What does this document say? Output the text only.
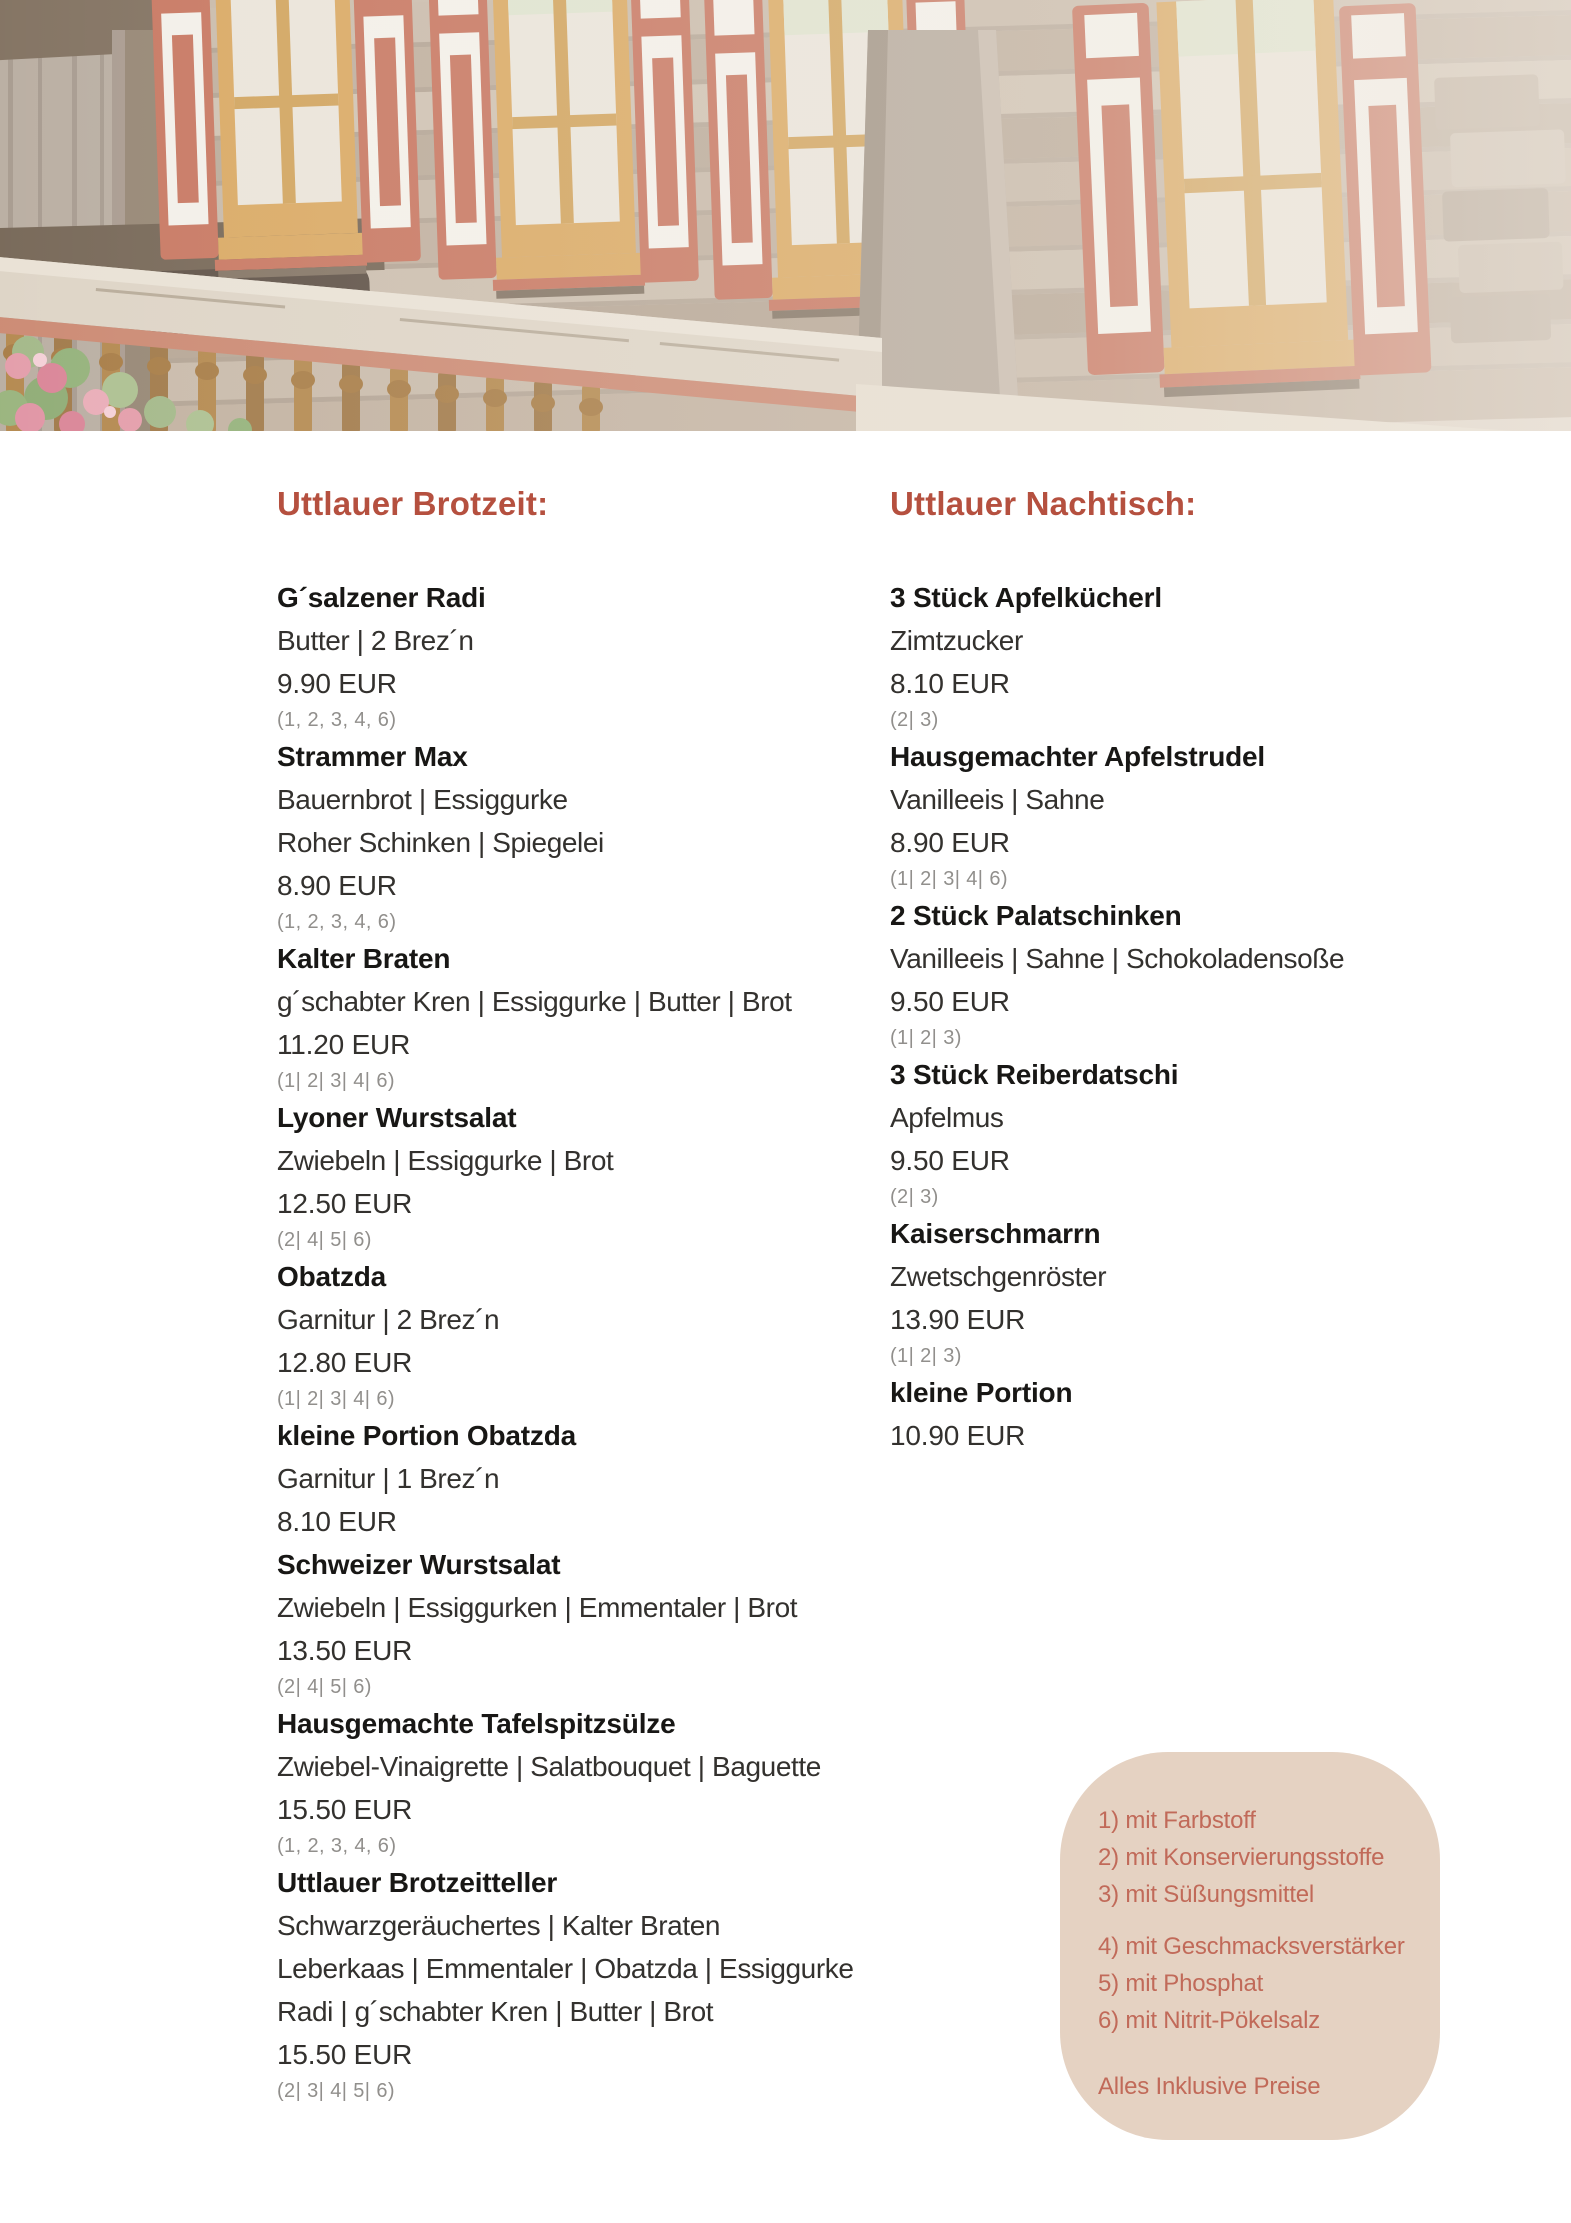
Uttlauer Brotzeit:
G´salzener Radi
Butter | 2 Brez´n
9.90 EUR
(1, 2, 3, 4, 6)
Strammer Max
Bauernbrot | Essiggurke
Roher Schinken | Spiegelei
8.90 EUR
(1, 2, 3, 4, 6)
Kalter Braten
g´schabter Kren | Essiggurke | Butter | Brot
11.20 EUR
(1| 2| 3| 4| 6)
Lyoner Wurstsalat
Zwiebeln | Essiggurke | Brot
12.50 EUR
(2| 4| 5| 6)
Obatzda
Garnitur | 2 Brez´n
12.80 EUR
(1| 2| 3| 4| 6)
kleine Portion Obatzda
Garnitur | 1 Brez´n
8.10 EUR
Schweizer Wurstsalat
Zwiebeln | Essiggurken | Emmentaler | Brot
13.50 EUR
(2| 4| 5| 6)
Hausgemachte Tafelspitzsülze
Zwiebel-Vinaigrette | Salatbouquet | Baguette
15.50 EUR
(1, 2, 3, 4, 6)
Uttlauer Brotzeitteller
Schwarzgeräuchertes | Kalter Braten
Leberkaas | Emmentaler | Obatzda | Essiggurke
Radi | g´schabter Kren | Butter | Brot
15.50 EUR
(2| 3| 4| 5| 6)
Uttlauer Nachtisch:
3 Stück Apfelkücherl
Zimtzucker
8.10 EUR
(2| 3)
Hausgemachter Apfelstrudel
Vanilleeis | Sahne
8.90 EUR
(1| 2| 3| 4| 6)
2 Stück Palatschinken
Vanilleeis | Sahne | Schokoladensoße
9.50 EUR
(1| 2| 3)
3 Stück Reiberdatschi
Apfelmus
9.50 EUR
(2| 3)
Kaiserschmarrn
Zwetschgenröster
13.90 EUR
(1| 2| 3)
kleine Portion
10.90 EUR
1) mit Farbstoff
2) mit Konservierungsstoffe
3) mit Süßungsmittel
4) mit Geschmacksverstärker
5) mit Phosphat
6) mit Nitrit-Pökelsalz
Alles Inklusive Preise
